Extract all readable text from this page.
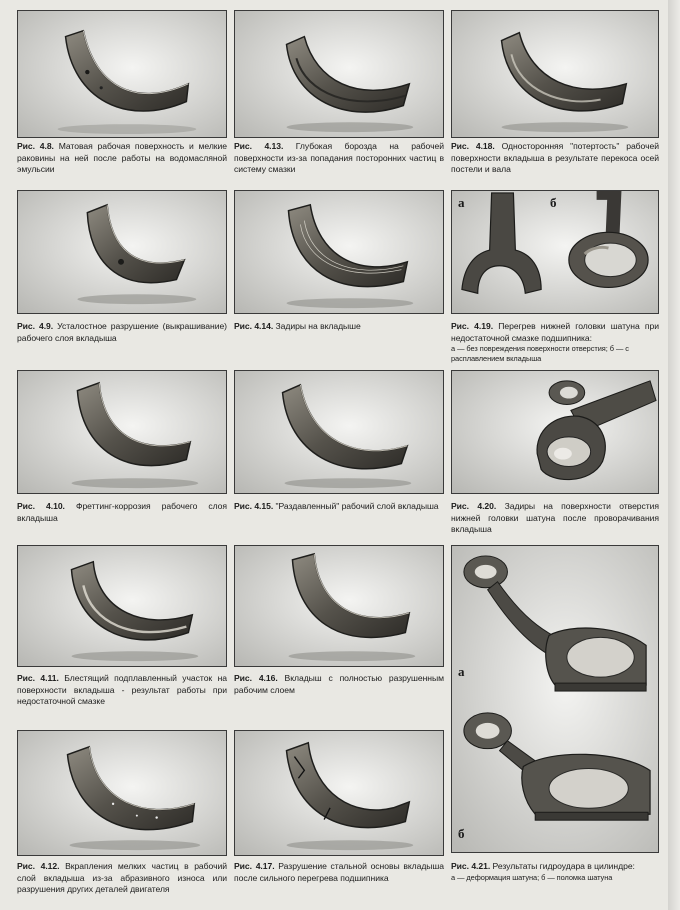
Рис. 4.8. Матовая рабочая поверхность и мелкие раковины на ней после работы на водомасляной эмульсии
Рис. 4.9. Усталостное разрушение (выкрашивание) рабочего слоя вкладыша
Рис. 4.10. Фреттинг-коррозия рабочего слоя вкладыша
Рис. 4.11. Блестящий подплавленный участок на поверхности вкладыша - результат работы при недостаточной смазке
Рис. 4.12. Вкрапления мелких частиц в рабочий слой вкладыша из-за абразивного износа или разрушения других деталей двигателя
Рис. 4.13. Глубокая борозда на рабочей поверхности из-за попадания посторонних частиц в систему смазки
Рис. 4.14. Задиры на вкладыше
Рис. 4.15. "Раздавленный" рабочий слой вкладыша
Рис. 4.16. Вкладыш с полностью разрушенным рабочим слоем
Рис. 4.17. Разрушение стальной основы вкладыша после сильного перегрева подшипника
Рис. 4.18. Односторонняя "потертость" рабочей поверхности вкладыша в результате перекоса осей постели и вала
а	б
Рис. 4.19. Перегрев нижней головки шатуна при недостаточной смазке подшипника:
а — без повреждения поверхности отверстия; б — с расплавлением вкладыша
Рис. 4.20. Задиры на поверхности отверстия нижней головки шатуна после проворачивания вкладыша
а
б
Рис. 4.21. Результаты гидроудара в цилиндре:
а — деформация шатуна; б — поломка шатуна
